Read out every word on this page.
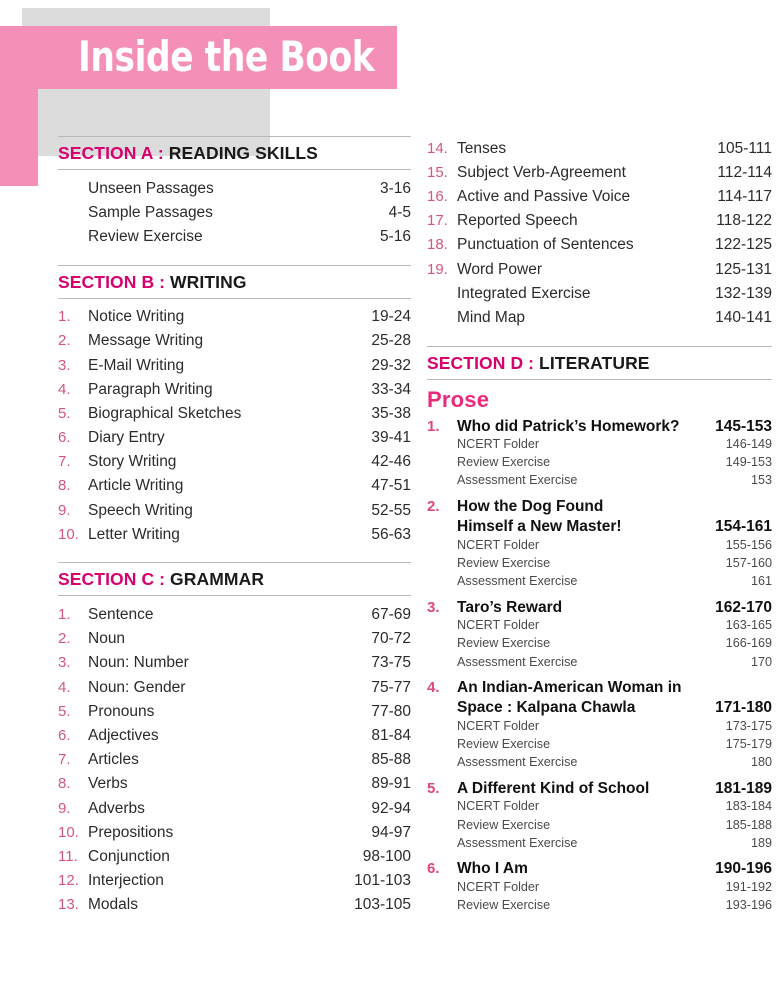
Inside the Book
SECTION A : READING SKILLS
Unseen Passages	3-16
Sample Passages	4-5
Review Exercise	5-16
SECTION B : WRITING
1.	Notice Writing	19-24
2.	Message Writing	25-28
3.	E-Mail Writing	29-32
4.	Paragraph Writing	33-34
5.	Biographical Sketches	35-38
6.	Diary Entry	39-41
7.	Story Writing	42-46
8.	Article Writing	47-51
9.	Speech Writing	52-55
10. Letter Writing	56-63
SECTION C : GRAMMAR
1.	Sentence	67-69
2.	Noun	70-72
3.	Noun: Number	73-75
4.	Noun: Gender	75-77
5.	Pronouns	77-80
6.	Adjectives	81-84
7.	Articles	85-88
8.	Verbs	89-91
9.	Adverbs	92-94
10. Prepositions	94-97
11. Conjunction	98-100
12. Interjection	101-103
13. Modals	103-105
14. Tenses	105-111
15. Subject Verb-Agreement	112-114
16. Active and Passive Voice	114-117
17. Reported Speech	118-122
18. Punctuation of Sentences	122-125
19. Word Power	125-131
Integrated Exercise	132-139
Mind Map	140-141
SECTION D : LITERATURE
Prose
1.	Who did Patrick’s Homework?	145-153
NCERT Folder	146-149
Review Exercise	149-153
Assessment Exercise	153
2.	How the Dog Found
Himself a New Master!	154-161
NCERT Folder	155-156
Review Exercise	157-160
Assessment Exercise	161
3.	Taro’s Reward	162-170
NCERT Folder	163-165
Review Exercise	166-169
Assessment Exercise	170
4.	An Indian-American Woman in
Space : Kalpana Chawla	171-180
NCERT Folder	173-175
Review Exercise	175-179
Assessment Exercise	180
5.	A Different Kind of School	181-189
NCERT Folder	183-184
Review Exercise	185-188
Assessment Exercise	189
6.	Who I Am	190-196
NCERT Folder	191-192
Review Exercise	193-196
